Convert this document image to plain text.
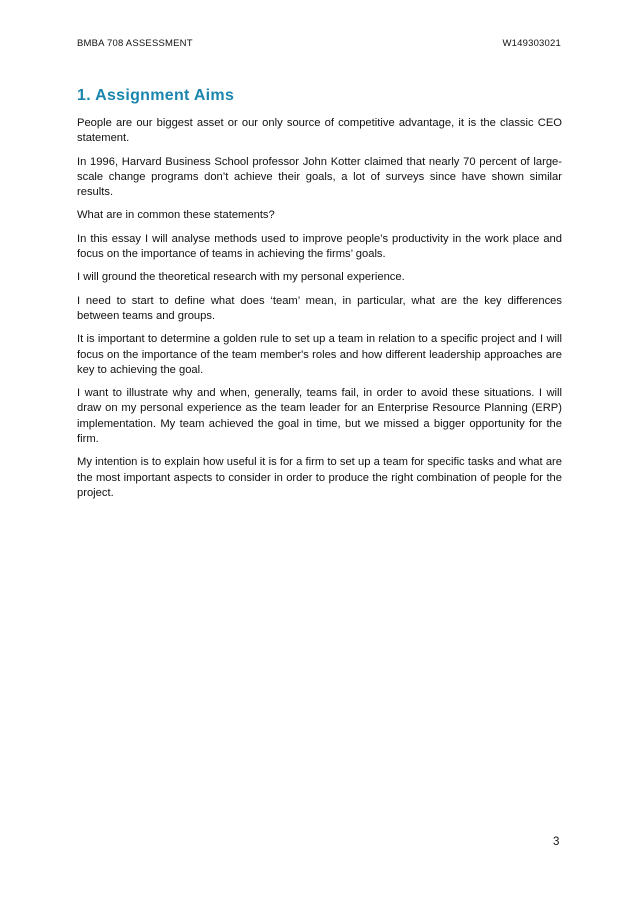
BMBA 708 ASSESSMENT	W149303021
1. Assignment Aims

People are our biggest asset or our only source of competitive advantage, it is the classic CEO statement.

In 1996, Harvard Business School professor John Kotter claimed that nearly 70 percent of large-scale change programs don’t achieve their goals, a lot of surveys since have shown similar results.

What are in common these statements?

In this essay I will analyse methods used to improve people’s productivity in the work place and focus on the importance of teams in achieving the firms’ goals.

I will ground the theoretical research with my personal experience.

I need to start to define what does ‘team’ mean, in particular, what are the key differences between teams and groups.

It is important to determine a golden rule to set up a team in relation to a specific project and I will focus on the importance of the team member's roles and how different leadership approaches are key to achieving the goal.

I want to illustrate why and when, generally, teams fail, in order to avoid these situations. I will draw on my personal experience as the team leader for an Enterprise Resource Planning (ERP) implementation. My team achieved the goal in time, but we missed a bigger opportunity for the firm.

My intention is to explain how useful it is for a firm to set up a team for specific tasks and what are the most important aspects to consider in order to produce the right combination of people for the project.

3
